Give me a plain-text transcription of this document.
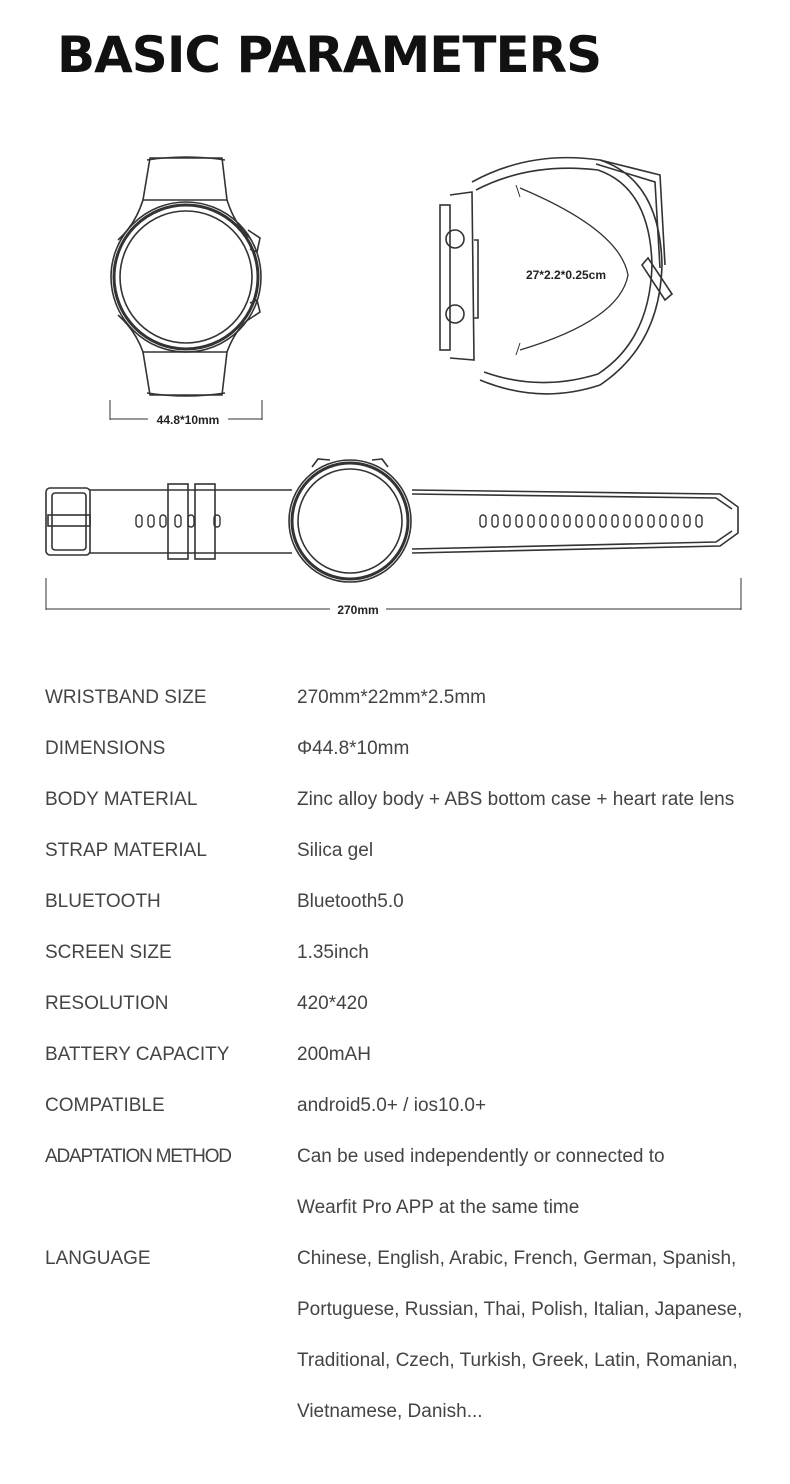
BASIC PARAMETERS
44.8*10mm
27*2.2*0.25cm
270mm
WRISTBAND SIZE	270mm*22mm*2.5mm
DIMENSIONS	Φ44.8*10mm
BODY MATERIAL	Zinc alloy body + ABS bottom case + heart rate lens
STRAP MATERIAL	Silica gel
BLUETOOTH	Bluetooth5.0
SCREEN SIZE	1.35inch
RESOLUTION	420*420
BATTERY CAPACITY	200mAH
COMPATIBLE	android5.0+ / ios10.0+
ADAPTATION METHOD	Can be used independently or connected to
Wearfit Pro APP at the same time
LANGUAGE	Chinese, English, Arabic, French, German, Spanish,
Portuguese, Russian, Thai, Polish, Italian, Japanese,
Traditional, Czech, Turkish, Greek, Latin, Romanian,
Vietnamese, Danish...
